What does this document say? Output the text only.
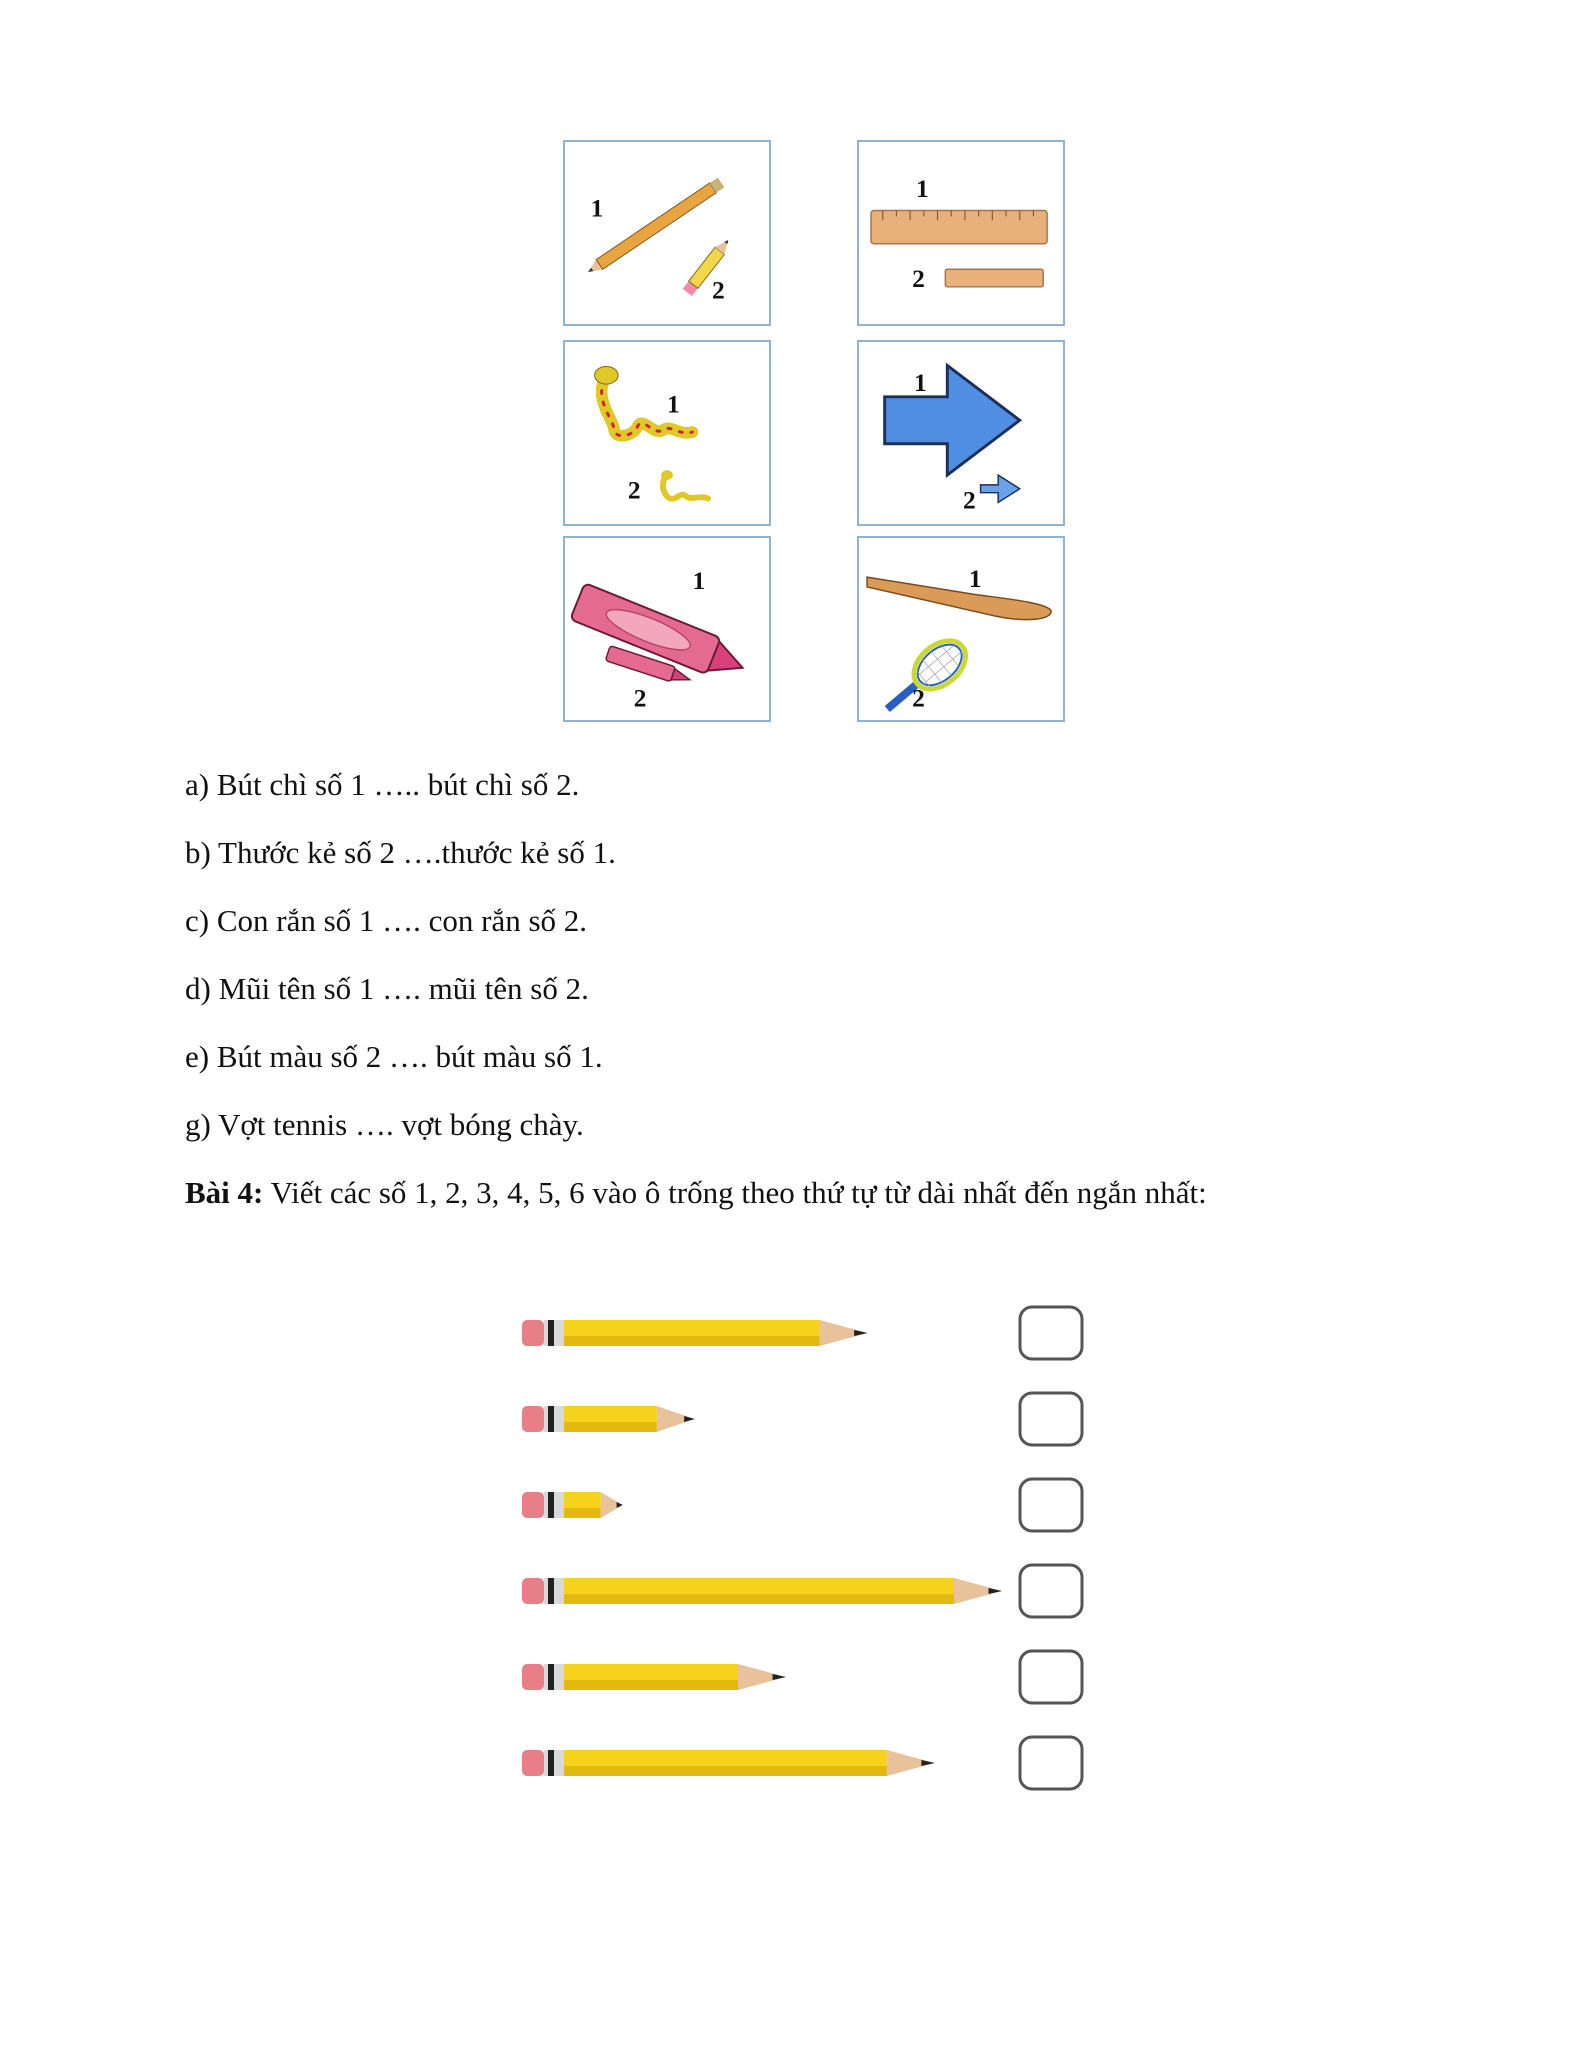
1
2
1
2
1
2
1
2
1
2
1
2
a) Bút chì số 1 ….. bút chì số 2.
b) Thước kẻ số 2 ….thước kẻ số 1.
c) Con rắn số 1 …. con rắn số 2.
d) Mũi tên số 1 …. mũi tên số 2.
e) Bút màu số 2 …. bút màu số 1.
g) Vợt tennis …. vợt bóng chày.
Bài 4: Viết các số 1, 2, 3, 4, 5, 6 vào ô trống theo thứ tự từ dài nhất đến ngắn nhất:
